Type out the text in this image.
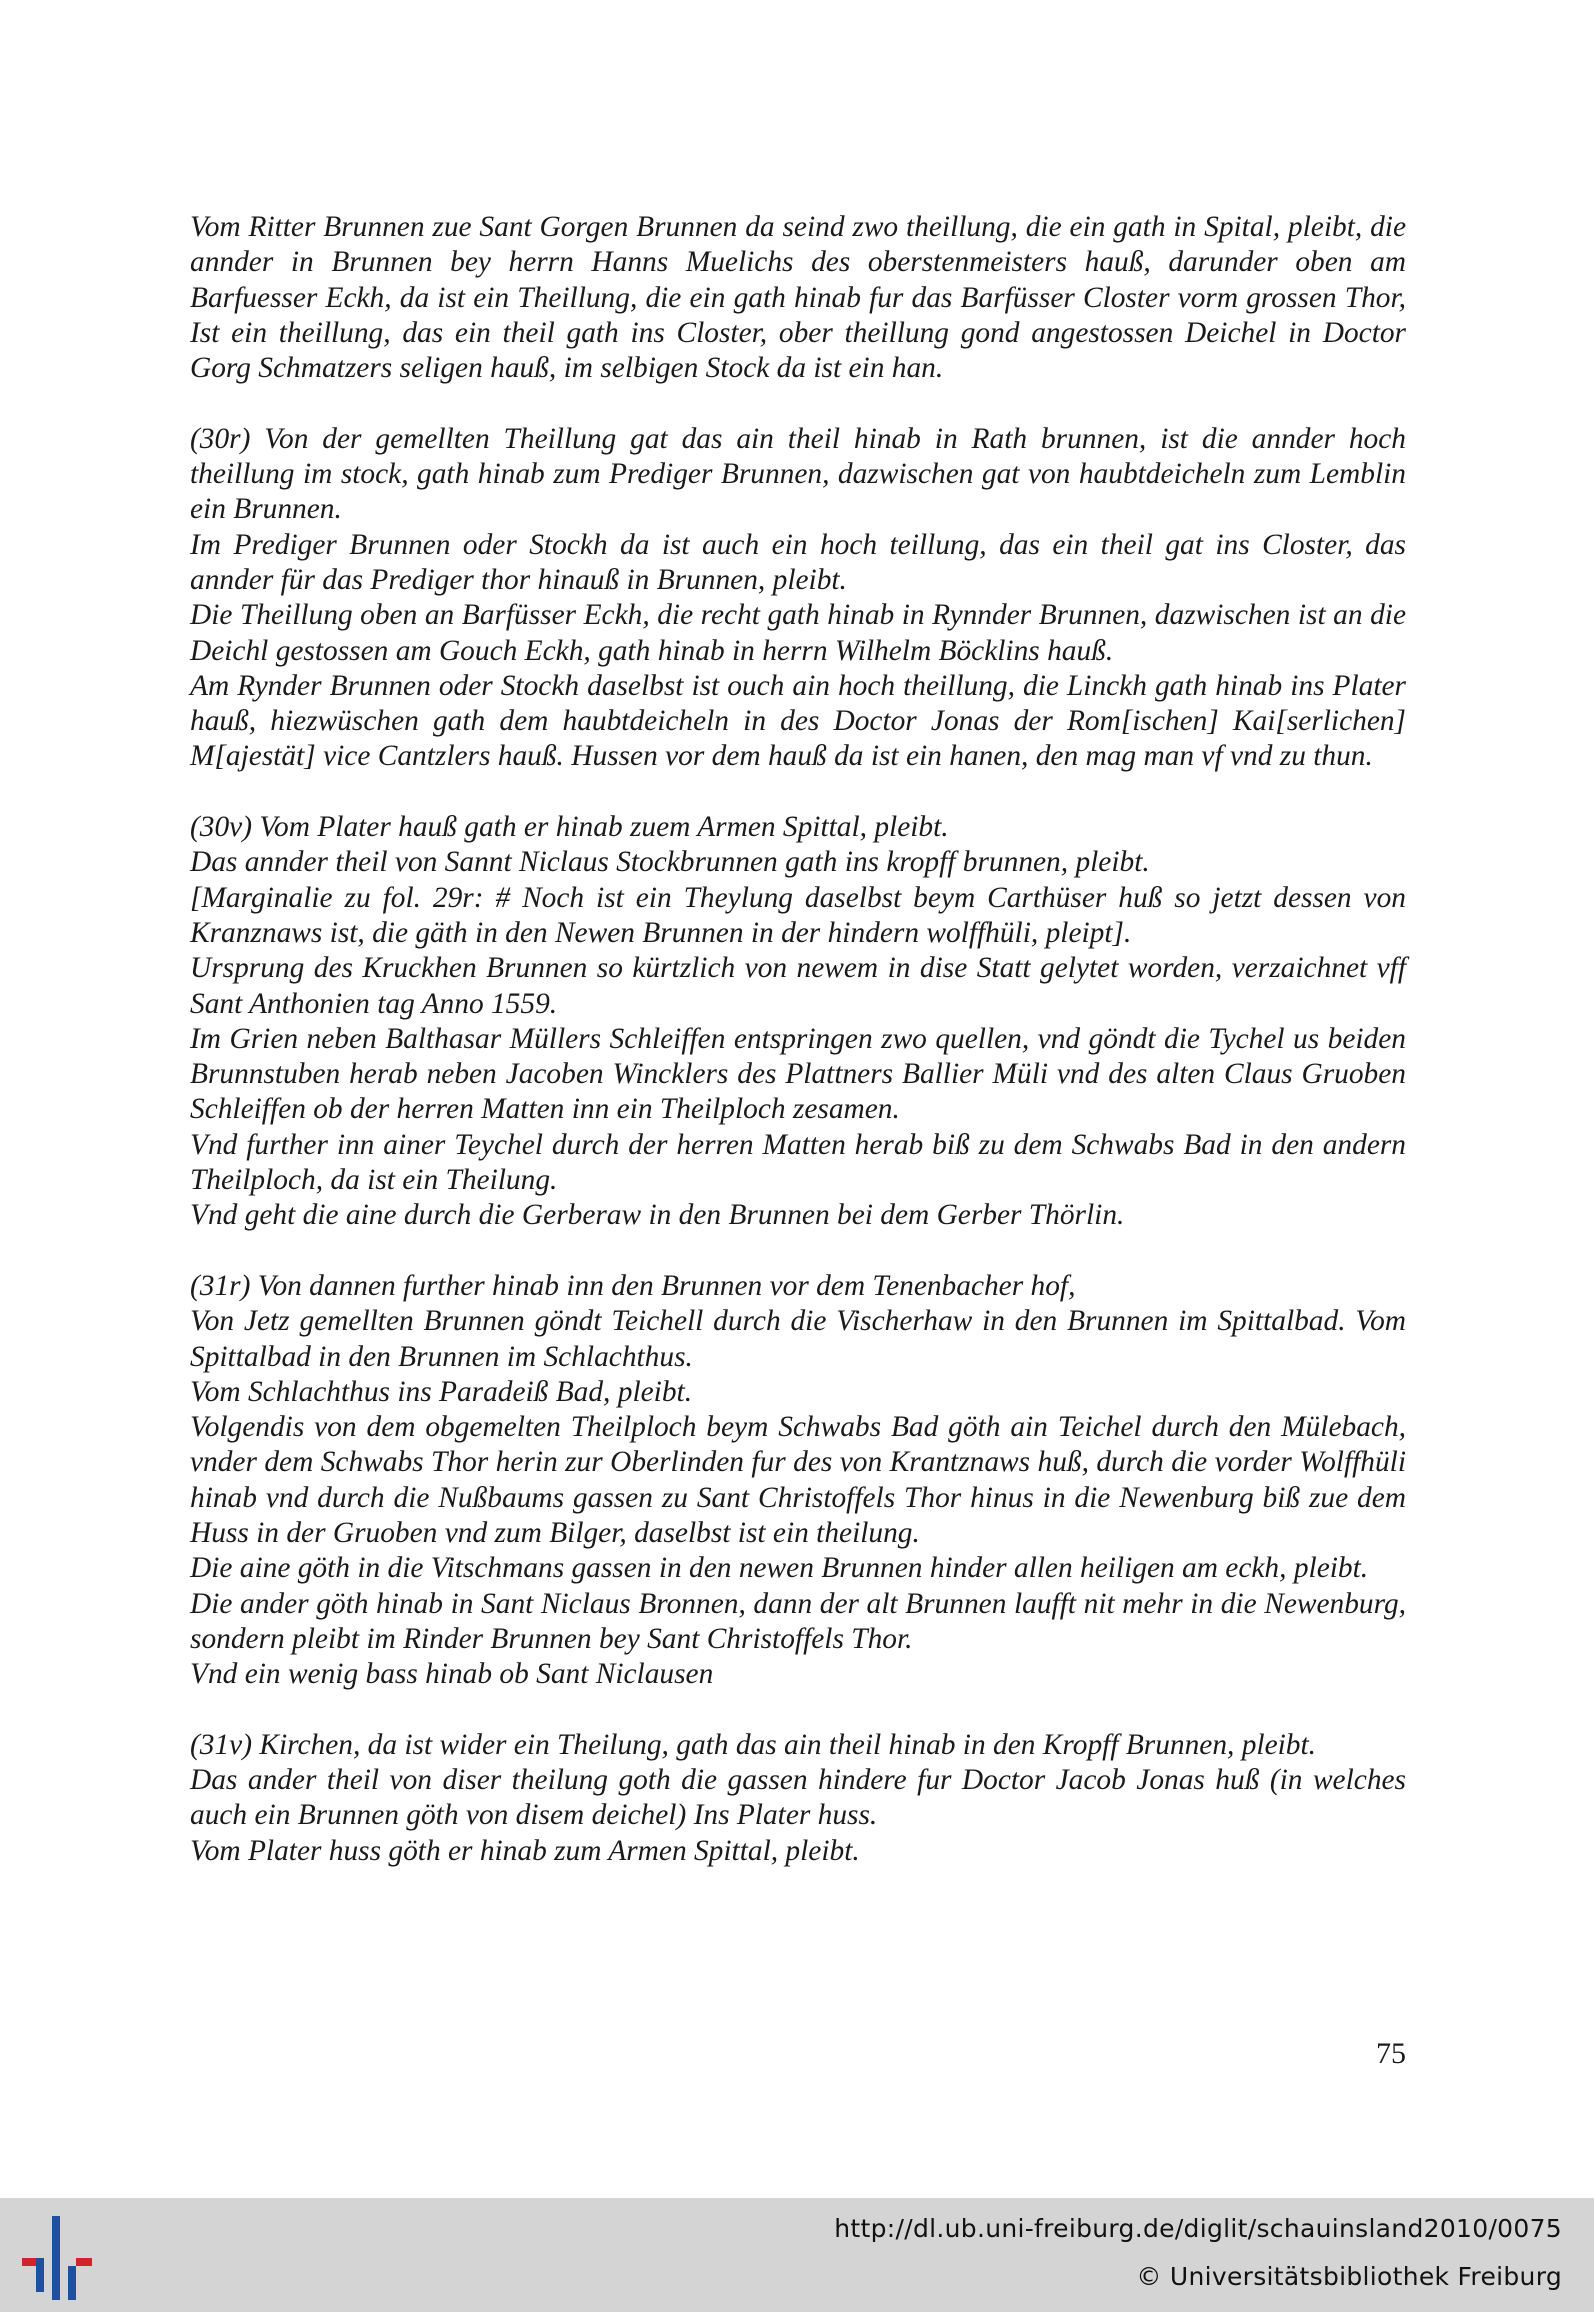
Vom Ritter Brunnen zue Sant Gorgen Brunnen da seind zwo theillung, die ein gath in Spital, pleibt, die annder in Brunnen bey herrn Hanns Muelichs des oberstenmeisters hauß, darunder oben am Barfuesser Eckh, da ist ein Theillung, die ein gath hinab fur das Barfüsser Closter vorm grossen Thor, Ist ein theillung, das ein theil gath ins Closter, ober theillung gond angestossen Deichel in Doctor Gorg Schmatzers seligen hauß, im selbigen Stock da ist ein han.

(30r) Von der gemellten Theillung gat das ain theil hinab in Rath brunnen, ist die annder hoch theillung im stock, gath hinab zum Prediger Brunnen, dazwischen gat von haubtdeicheln zum Lemblin ein Brunnen.

Im Prediger Brunnen oder Stockh da ist auch ein hoch teillung, das ein theil gat ins Closter, das annder für das Prediger thor hinauß in Brunnen, pleibt.

Die Theillung oben an Barfüsser Eckh, die recht gath hinab in Rynnder Brunnen, dazwischen ist an die Deichl gestossen am Gouch Eckh, gath hinab in herrn Wilhelm Böcklins hauß.

Am Rynder Brunnen oder Stockh daselbst ist ouch ain hoch theillung, die Linckh gath hinab ins Plater hauß, hiezwüschen gath dem haubtdeicheln in des Doctor Jonas der Rom[ischen] Kai[serlichen] M[ajestät] vice Cantzlers hauß. Hussen vor dem hauß da ist ein hanen, den mag man vf vnd zu thun.

(30v) Vom Plater hauß gath er hinab zuem Armen Spittal, pleibt.

Das annder theil von Sannt Niclaus Stockbrunnen gath ins kropff brunnen, pleibt.

[Marginalie zu fol. 29r: # Noch ist ein Theylung daselbst beym Carthüser huß so jetzt dessen von Kranznaws ist, die gäth in den Newen Brunnen in der hindern wolffhüli, pleipt].

Ursprung des Kruckhen Brunnen so kürtzlich von newem in dise Statt gelytet worden, verzaichnet vff Sant Anthonien tag Anno 1559.

Im Grien neben Balthasar Müllers Schleiffen entspringen zwo quellen, vnd göndt die Tychel us beiden Brunnstuben herab neben Jacoben Wincklers des Plattners Ballier Müli vnd des alten Claus Gruoben Schleiffen ob der herren Matten inn ein Theilploch zesamen.

Vnd further inn ainer Teychel durch der herren Matten herab biß zu dem Schwabs Bad in den andern Theilploch, da ist ein Theilung.

Vnd geht die aine durch die Gerberaw in den Brunnen bei dem Gerber Thörlin.

(31r) Von dannen further hinab inn den Brunnen vor dem Tenenbacher hof,

Von Jetz gemellten Brunnen göndt Teichell durch die Vischerhaw in den Brunnen im Spittalbad. Vom Spittalbad in den Brunnen im Schlachthus.

Vom Schlachthus ins Paradeiß Bad, pleibt.

Volgendis von dem obgemelten Theilploch beym Schwabs Bad göth ain Teichel durch den Mülebach, vnder dem Schwabs Thor herin zur Oberlinden fur des von Krantznaws huß, durch die vorder Wolffhüli hinab vnd durch die Nußbaums gassen zu Sant Christoffels Thor hinus in die Newenburg biß zue dem Huss in der Gruoben vnd zum Bilger, daselbst ist ein theilung.

Die aine göth in die Vitschmans gassen in den newen Brunnen hinder allen heiligen am eckh, pleibt.

Die ander göth hinab in Sant Niclaus Bronnen, dann der alt Brunnen laufft nit mehr in die Newenburg, sondern pleibt im Rinder Brunnen bey Sant Christoffels Thor.

Vnd ein wenig bass hinab ob Sant Niclausen

(31v) Kirchen, da ist wider ein Theilung, gath das ain theil hinab in den Kropff Brunnen, pleibt.

Das ander theil von diser theilung goth die gassen hindere fur Doctor Jacob Jonas huß (in welches auch ein Brunnen göth von disem deichel) Ins Plater huss.

Vom Plater huss göth er hinab zum Armen Spittal, pleibt.

75
http://dl.ub.uni-freiburg.de/diglit/schauinsland2010/0075
© Universitätsbibliothek Freiburg
